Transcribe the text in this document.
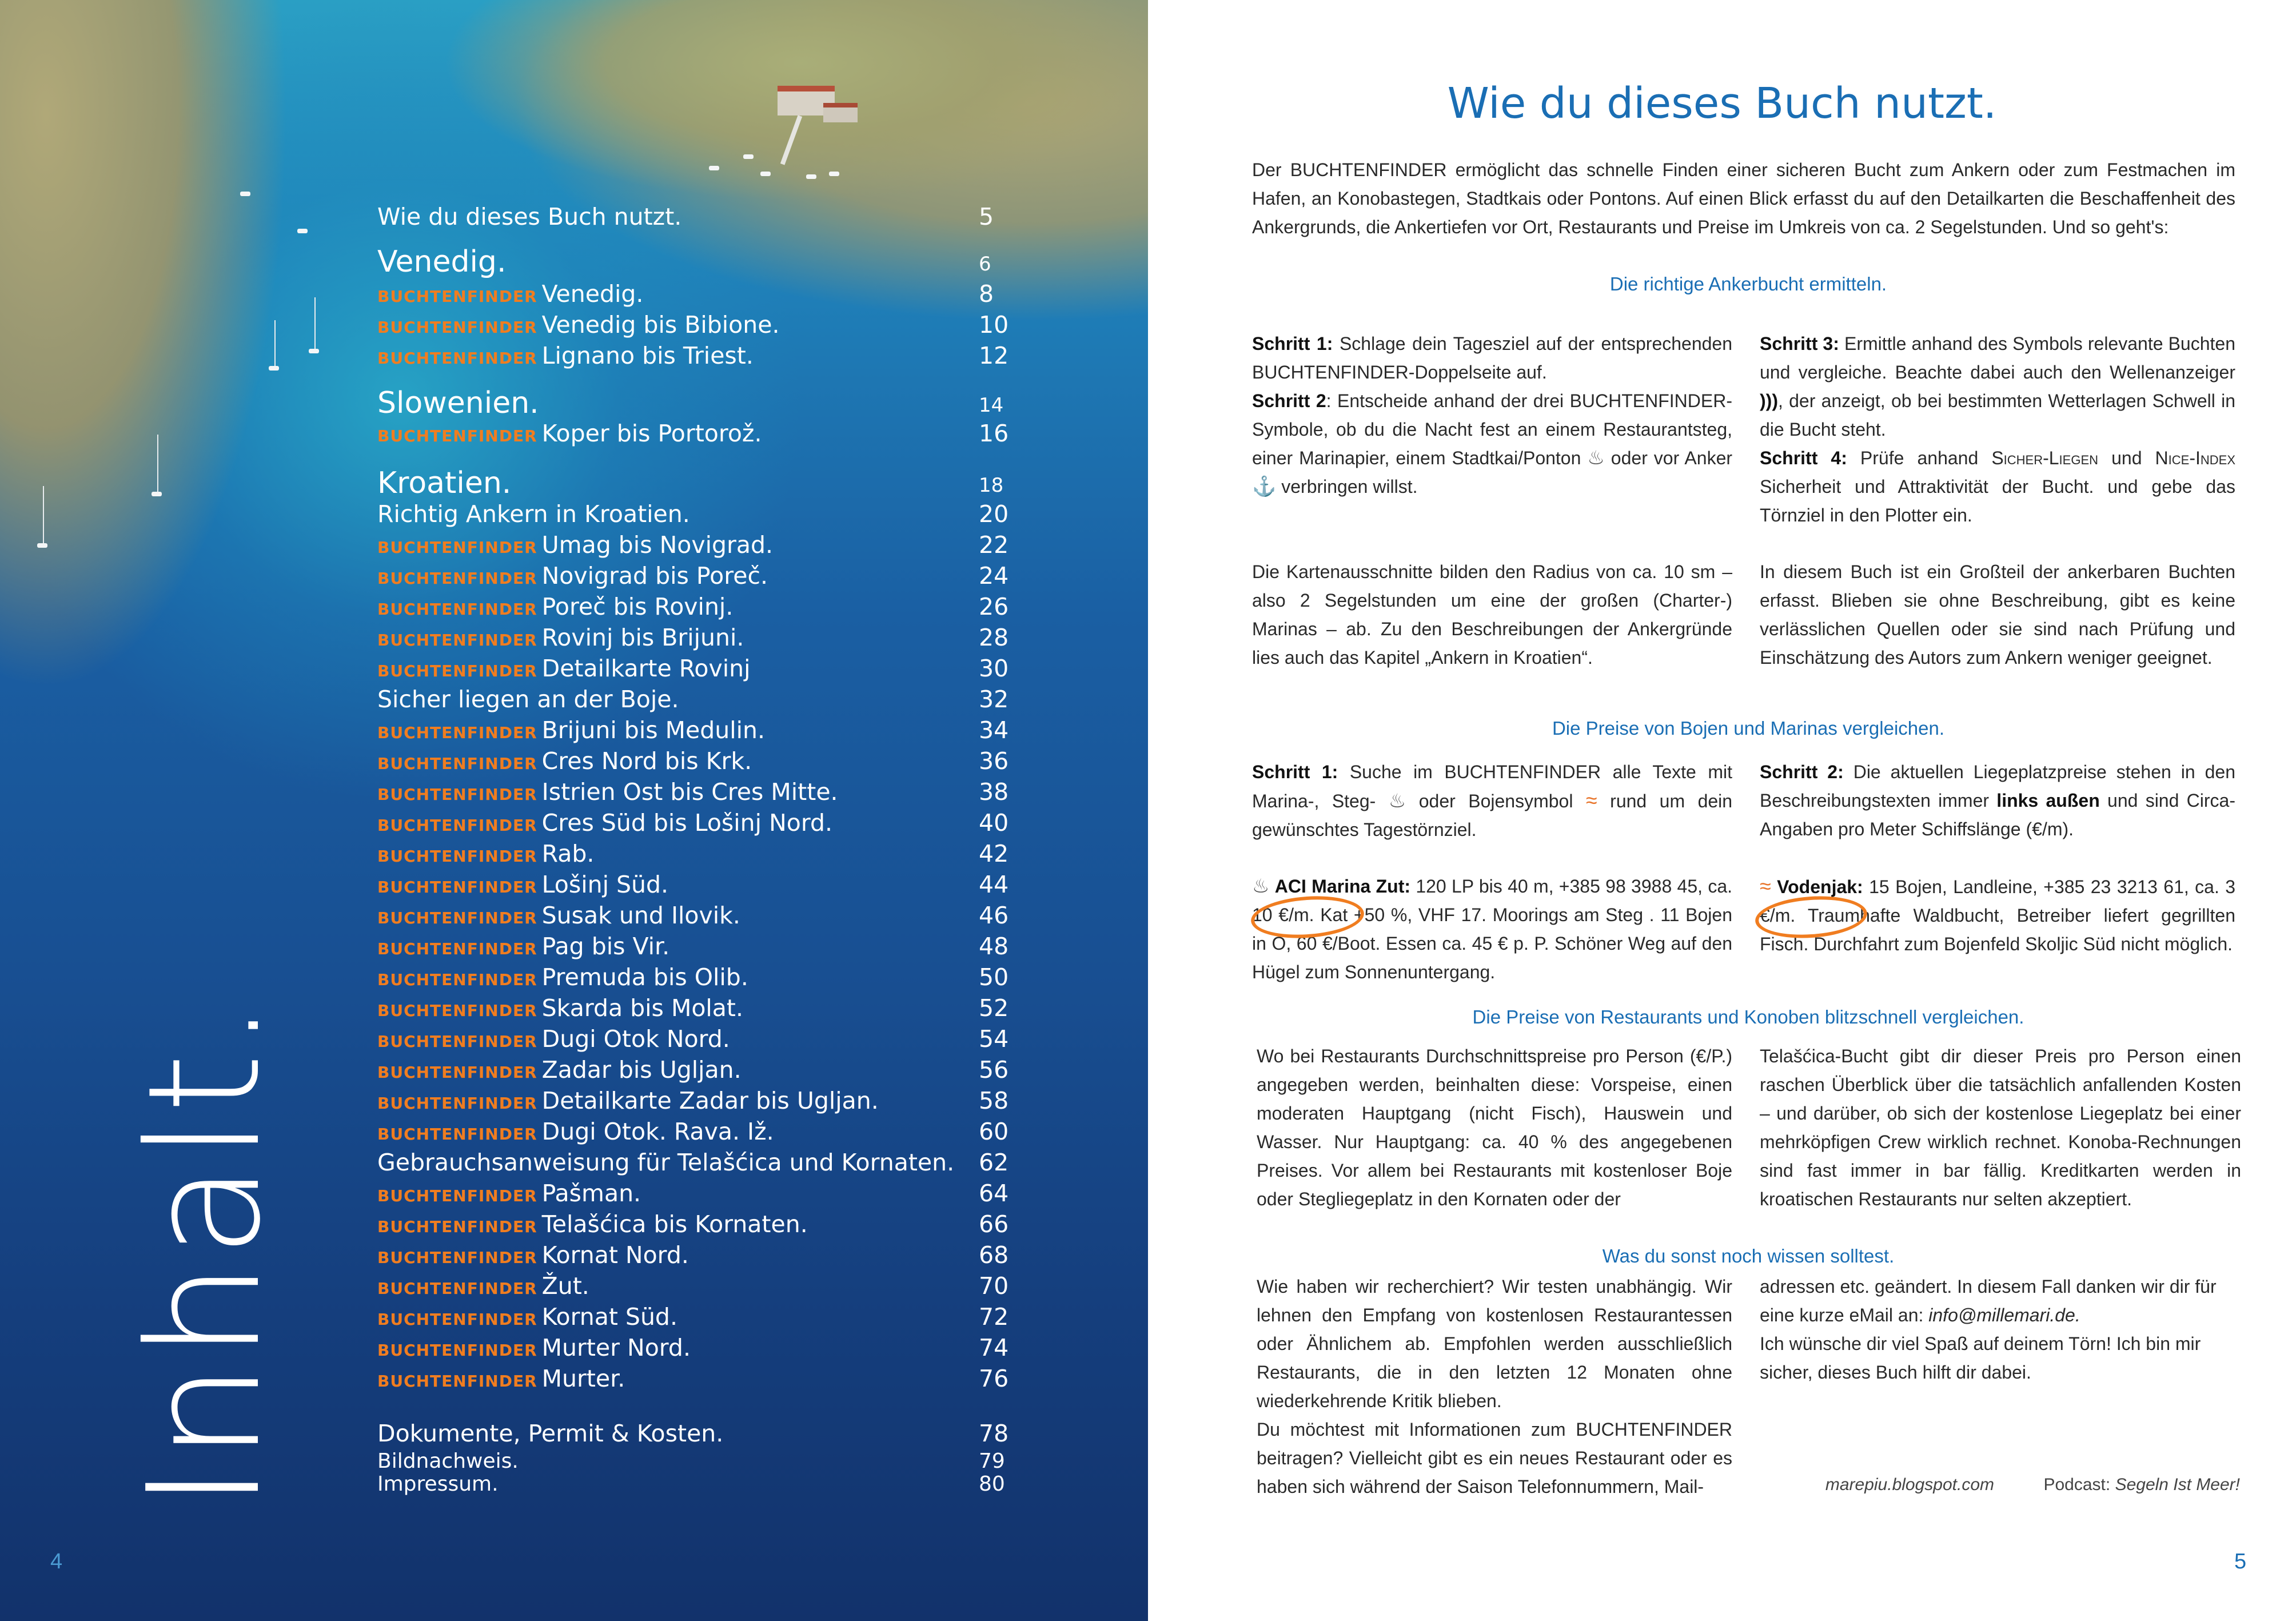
Inhalt.
Wie du dieses Buch nutzt.	5
Venedig.	6
BUCHTENFINDER Venedig.	8
BUCHTENFINDER Venedig bis Bibione.	10
BUCHTENFINDER Lignano bis Triest.	12
Slowenien.	14
BUCHTENFINDER Koper bis Portorož.	16
Kroatien.	18
Richtig Ankern in Kroatien.	20
BUCHTENFINDER Umag bis Novigrad.	22
BUCHTENFINDER Novigrad bis Poreč.	24
BUCHTENFINDER Poreč bis Rovinj.	26
BUCHTENFINDER Rovinj bis Brijuni.	28
BUCHTENFINDER Detailkarte Rovinj	30
Sicher liegen an der Boje.	32
BUCHTENFINDER Brijuni bis Medulin.	34
BUCHTENFINDER Cres Nord bis Krk.	36
BUCHTENFINDER Istrien Ost bis Cres Mitte.	38
BUCHTENFINDER Cres Süd bis Lošinj Nord.	40
BUCHTENFINDER Rab.	42
BUCHTENFINDER Lošinj Süd.	44
BUCHTENFINDER Susak und Ilovik.	46
BUCHTENFINDER Pag bis Vir.	48
BUCHTENFINDER Premuda bis Olib.	50
BUCHTENFINDER Skarda bis Molat.	52
BUCHTENFINDER Dugi Otok Nord.	54
BUCHTENFINDER Zadar bis Ugljan.	56
BUCHTENFINDER Detailkarte Zadar bis Ugljan.	58
BUCHTENFINDER Dugi Otok. Rava. Iž.	60
Gebrauchsanweisung für Telašćica und Kornaten. 62
BUCHTENFINDER Pašman.	64
BUCHTENFINDER Telašćica bis Kornaten.	66
BUCHTENFINDER Kornat Nord.	68
BUCHTENFINDER Žut.	70
BUCHTENFINDER Kornat Süd.	72
BUCHTENFINDER Murter Nord.	74
BUCHTENFINDER Murter.	76
Dokumente, Permit & Kosten.	78
Bildnachweis.	79
Impressum.	80
4
Wie du dieses Buch nutzt.
Der BUCHTENFINDER ermöglicht das schnelle Finden einer sicheren Bucht zum Ankern oder zum Festmachen im Hafen, an Konobastegen, Stadtkais oder Pontons. Auf einen Blick erfasst du auf den Detailkarten die Beschaffenheit des Ankergrunds, die Ankertiefen vor Ort, Restaurants und Preise im Umkreis von ca. 2 Segelstunden. Und so geht's:
Die richtige Ankerbucht ermitteln.

Schritt 1: Schlage dein Tagesziel auf der entsprechenden BUCHTENFINDER-Doppelseite auf.

Schritt 2: Entscheide anhand der drei BUCHTENFINDER-Symbole, ob du die Nacht fest an einem Restaurantsteg, einer Marinapier, einem Stadtkai/Ponton ♨ oder vor Anker ⚓ verbringen willst.

Schritt 3: Ermittle anhand des Symbols relevante Buchten und vergleiche. Beachte dabei auch den Wellenanzeiger ))), der anzeigt, ob bei bestimmten Wetterlagen Schwell in die Bucht steht.

Schritt 4: Prüfe anhand Sicher-Liegen und Nice-Index Sicherheit und Attraktivität der Bucht. und gebe das Törnziel in den Plotter ein.

Die Kartenausschnitte bilden den Radius von ca. 10 sm – also 2 Segelstunden um eine der großen (Charter-) Marinas – ab. Zu den Beschreibungen der Ankergründe lies auch das Kapitel „Ankern in Kroatien“.
In diesem Buch ist ein Großteil der ankerbaren Buchten erfasst. Blieben sie ohne Beschreibung, gibt es keine verlässlichen Quellen oder sie sind nach Prüfung und Einschätzung des Autors zum Ankern weniger geeignet.
Die Preise von Bojen und Marinas vergleichen.

Schritt 1: Suche im BUCHTENFINDER alle Texte mit Marina-, Steg- ♨ oder Bojensymbol ≈ rund um dein gewünschtes Tagestörnziel.

Schritt 2: Die aktuellen Liegeplatzpreise stehen in den Beschreibungstexten immer links außen und sind Circa-Angaben pro Meter Schiffslänge (€/m).

♨ ACI Marina Zut: 120 LP bis 40 m, +385 98 3988 45, ca. 10 €/m. Kat +50 %, VHF 17. Moorings am Steg . 11 Bojen in O, 60 €/Boot. Essen ca. 45 € p. P. Schöner Weg auf den Hügel zum Sonnenuntergang.

≈ Vodenjak: 15 Bojen, Landleine, +385 23 3213 61, ca. 3 €/m. Traumhafte Waldbucht, Betreiber liefert gegrillten Fisch. Durchfahrt zum Bojenfeld Skoljic Süd nicht möglich.

Die Preise von Restaurants und Konoben blitzschnell vergleichen.
Wo bei Restaurants Durchschnittspreise pro Person (€/P.) angegeben werden, beinhalten diese: Vorspeise, einen moderaten Hauptgang (nicht Fisch), Hauswein und Wasser. Nur Hauptgang: ca. 40 % des angegebenen Preises. Vor allem bei Restaurants mit kostenloser Boje oder Stegliegeplatz in den Kornaten oder der
Telašćica-Bucht gibt dir dieser Preis pro Person einen raschen Überblick über die tatsächlich anfallenden Kosten – und darüber, ob sich der kostenlose Liegeplatz bei einer mehrköpfigen Crew wirklich rechnet. Konoba-Rechnungen sind fast immer in bar fällig. Kreditkarten werden in kroatischen Restaurants nur selten akzeptiert.
Was du sonst noch wissen solltest.

Wie haben wir recherchiert? Wir testen unabhängig. Wir lehnen den Empfang von kostenlosen Restaurantessen oder Ähnlichem ab. Empfohlen werden ausschließlich Restaurants, die in den letzten 12 Monaten ohne wiederkehrende Kritik blieben.

Du möchtest mit Informationen zum BUCHTENFINDER beitragen? Vielleicht gibt es ein neues Restaurant oder es haben sich während der Saison Telefonnummern, Mail-

adressen etc. geändert. In diesem Fall danken wir dir für eine kurze eMail an: info@millemari.de.

Ich wünsche dir viel Spaß auf deinem Törn! Ich bin mir sicher, dieses Buch hilft dir dabei.

marepiu.blogspot.com	Podcast: Segeln Ist Meer!
5
